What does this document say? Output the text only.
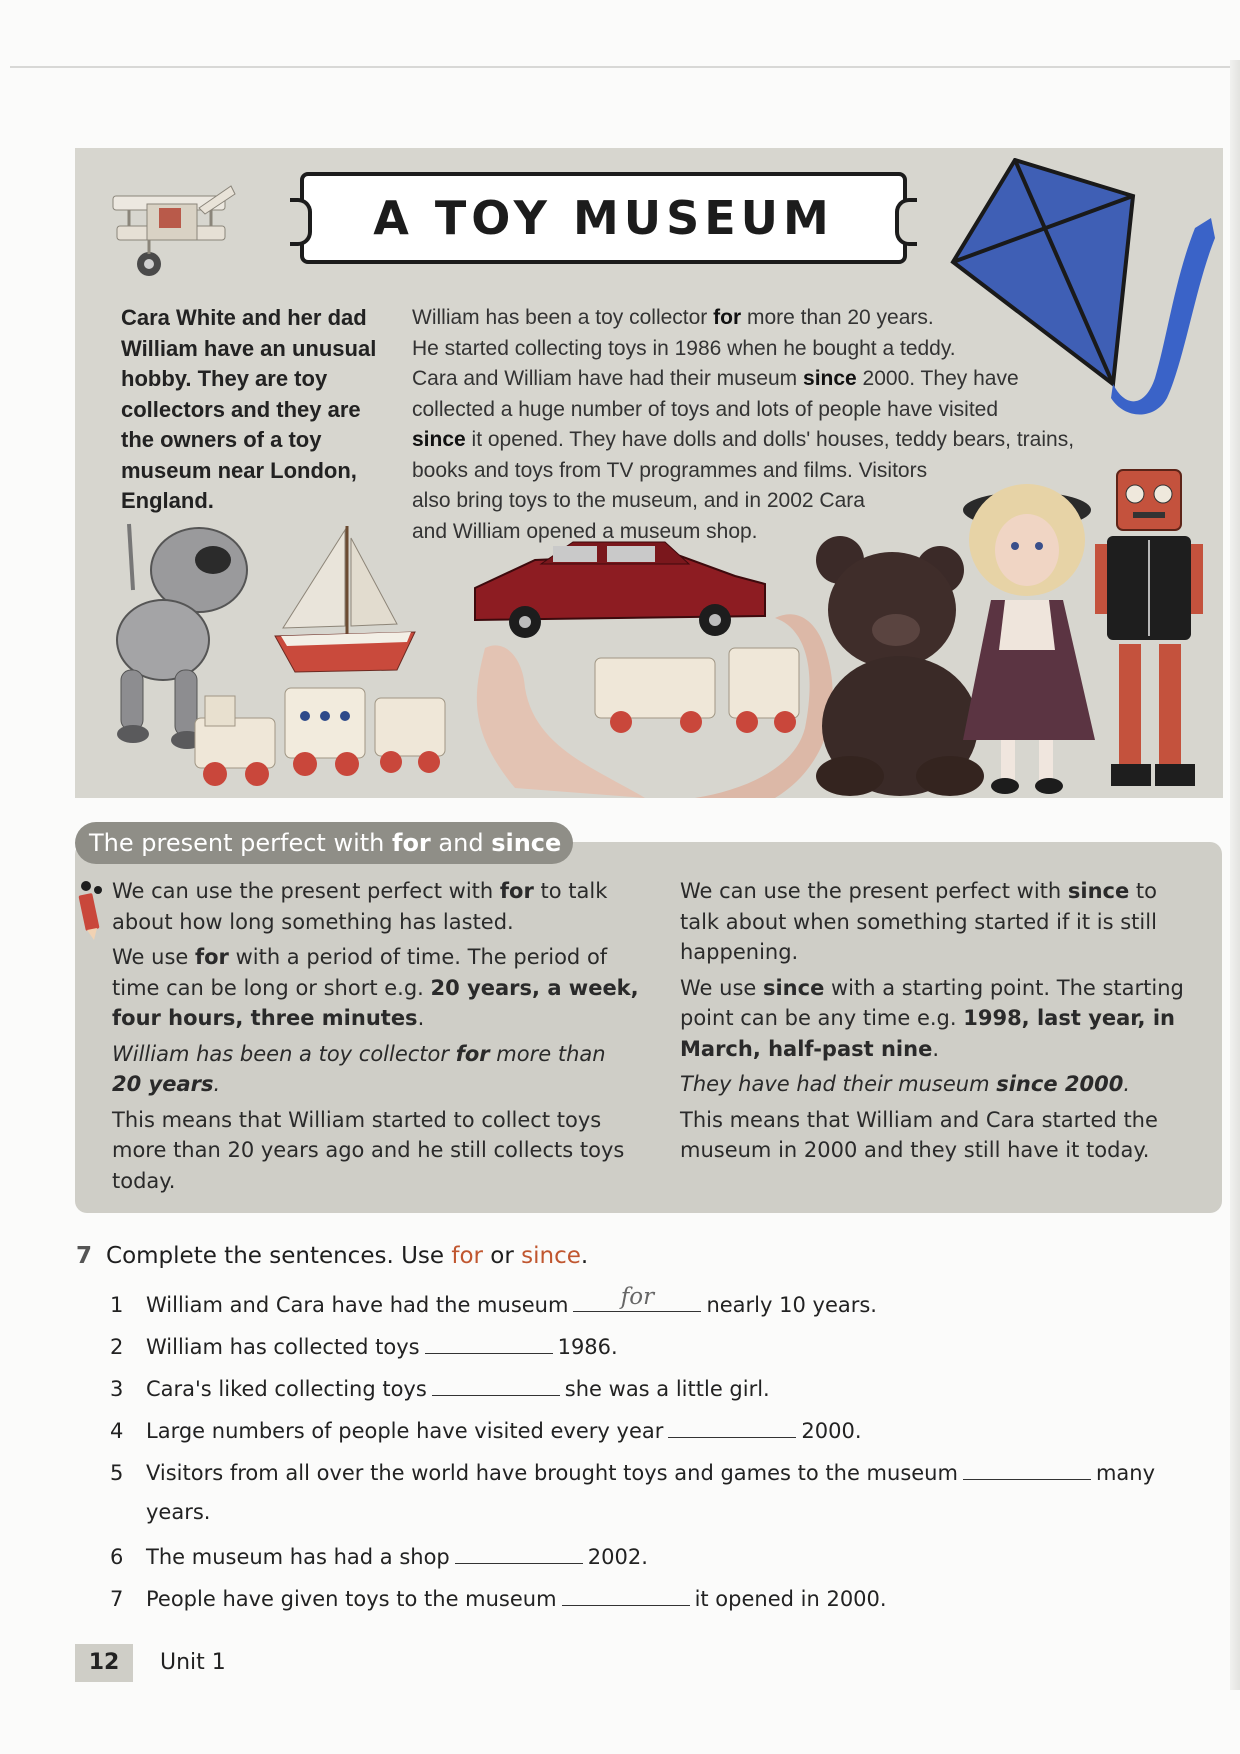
A TOY MUSEUM
Cara White and her dad
William have an unusual
hobby. They are toy
collectors and they are
the owners of a toy
museum near London,
England.
William has been a toy collector for more than 20 years.
He started collecting toys in 1986 when he bought a teddy.
Cara and William have had their museum since 2000. They have
collected a huge number of toys and lots of people have visited
since it opened. They have dolls and dolls' houses, teddy bears, trains,
books and toys from TV programmes and films. Visitors
also bring toys to the museum, and in 2002 Cara
and William opened a museum shop.
The present perfect with for and since

We can use the present perfect with for to talk
about how long something has lasted.

We use for with a period of time. The period of
time can be long or short e.g. 20 years, a week,
four hours, three minutes.

William has been a toy collector for more than
20 years.

This means that William started to collect toys
more than 20 years ago and he still collects toys
today.

We can use the present perfect with since to
talk about when something started if it is still
happening.

We use since with a starting point. The starting
point can be any time e.g. 1998, last year, in
March, half-past nine.

They have had their museum since 2000.

This means that William and Cara started the
museum in 2000 and they still have it today.

7 Complete the sentences. Use for or since.
1 William and Cara have had the museum	for	nearly 10 years.
2 William has collected toys	1986.
3 Cara's liked collecting toys	she was a little girl.
4 Large numbers of people have visited every year	2000.
5 Visitors from all over the world have brought toys and games to the museum	many
years.
6 The museum has had a shop	2002.
7 People have given toys to the museum	it opened in 2000.
12	Unit 1
